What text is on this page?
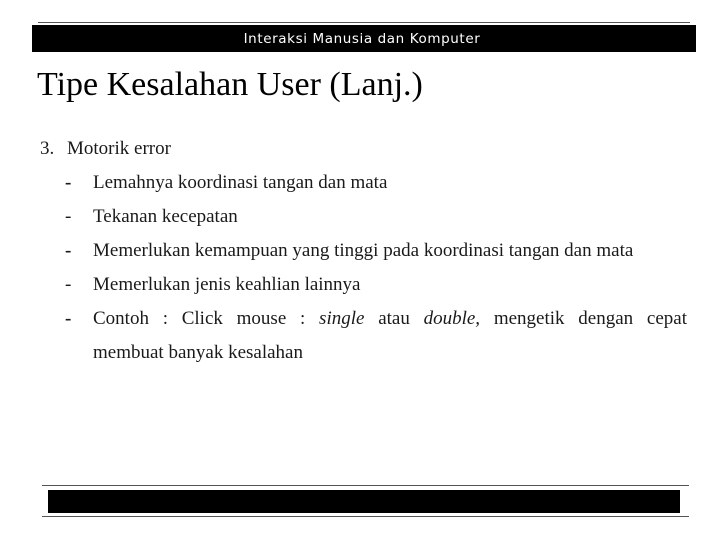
Interaksi Manusia dan Komputer
Tipe Kesalahan User (Lanj.)
3. Motorik error
-	Lemahnya koordinasi tangan dan mata
-	Tekanan kecepatan
-	Memerlukan kemampuan yang tinggi pada koordinasi tangan dan mata
-	Memerlukan jenis keahlian lainnya
-	Contoh : Click mouse : single atau double, mengetik dengan cepat
membuat banyak kesalahan
